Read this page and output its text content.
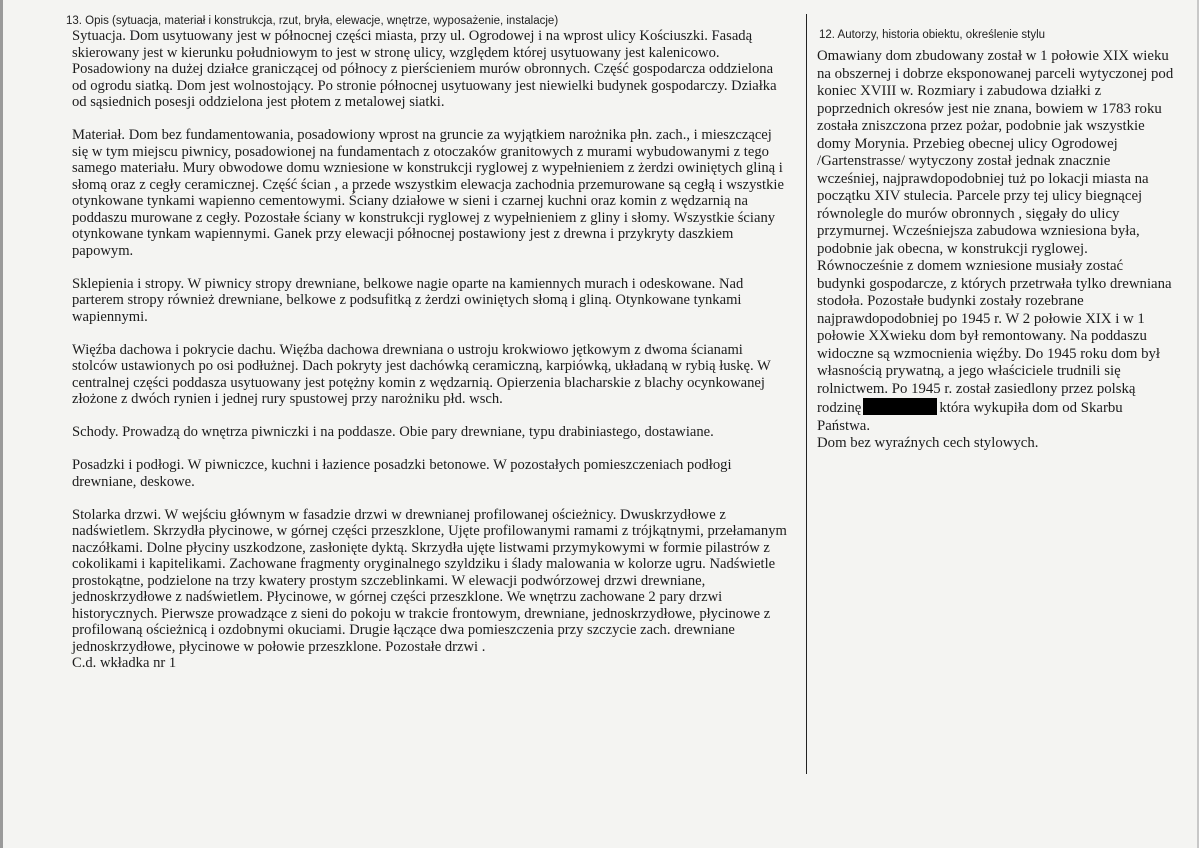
13. Opis (sytuacja, materiał i konstrukcja, rzut, bryła, elewacje, wnętrze, wyposażenie, instalacje)

Sytuacja. Dom usytuowany jest w północnej części miasta, przy ul. Ogrodowej i na wprost ulicy Kościuszki. Fasadą skierowany jest w kierunku południowym to jest w stronę ulicy, względem której usytuowany jest kalenicowo. Posadowiony na dużej działce graniczącej od północy z pierścieniem murów obronnych. Część gospodarcza oddzielona od ogrodu siatką. Dom jest wolnostojący. Po stronie północnej usytuowany jest niewielki budynek gospodarczy. Działka od sąsiednich posesji oddzielona jest płotem z metalowej siatki.

Materiał. Dom bez fundamentowania, posadowiony wprost na gruncie za wyjątkiem narożnika płn. zach., i mieszczącej się w tym miejscu piwnicy, posadowionej na fundamentach z otoczaków granitowych z murami wybudowanymi z tego samego materiału. Mury obwodowe domu wzniesione w konstrukcji ryglowej z wypełnieniem z żerdzi owiniętych gliną i słomą oraz z cegły ceramicznej. Część ścian , a przede wszystkim elewacja zachodnia przemurowane są cegłą i wszystkie otynkowane tynkami wapienno cementowymi. Ściany działowe w sieni i czarnej kuchni oraz komin z wędzarnią na poddaszu murowane z cegły. Pozostałe ściany w konstrukcji ryglowej z wypełnieniem z gliny i słomy. Wszystkie ściany otynkowane tynkam wapiennymi. Ganek przy elewacji północnej postawiony jest z drewna i przykryty daszkiem papowym.

Sklepienia i stropy. W piwnicy stropy drewniane, belkowe nagie oparte na kamiennych murach i odeskowane. Nad parterem stropy również drewniane, belkowe z podsufitką z żerdzi owiniętych słomą i gliną. Otynkowane tynkami wapiennymi.

Więźba dachowa i pokrycie dachu. Więźba dachowa drewniana o ustroju krokwiowo jętkowym z dwoma ścianami stolców ustawionych po osi podłużnej. Dach pokryty jest dachówką ceramiczną, karpiówką, układaną w rybią łuskę. W centralnej części poddasza usytuowany jest potężny komin z wędzarnią. Opierzenia blacharskie z blachy ocynkowanej złożone z dwóch rynien i jednej rury spustowej przy narożniku płd. wsch.

Schody. Prowadzą do wnętrza piwniczki i na poddasze. Obie pary drewniane, typu drabiniastego, dostawiane.

Posadzki i podłogi. W piwniczce, kuchni i łazience posadzki betonowe. W pozostałych pomieszczeniach podłogi drewniane, deskowe.

Stolarka drzwi. W wejściu głównym w fasadzie drzwi w drewnianej profilowanej ościeżnicy. Dwuskrzydłowe z nadświetlem. Skrzydła płycinowe, w górnej części przeszklone, Ujęte profilowanymi ramami z trójkątnymi, przełamanym naczółkami. Dolne płyciny uszkodzone, zasłonięte dyktą. Skrzydła ujęte listwami przymykowymi w formie pilastrów z cokolikami i kapitelikami. Zachowane fragmenty oryginalnego szyldziku i ślady malowania w kolorze ugru. Nadświetle prostokątne, podzielone na trzy kwatery prostym szczeblinkami. W elewacji podwórzowej drzwi drewniane, jednoskrzydłowe z nadświetlem. Płycinowe, w górnej części przeszklone. We wnętrzu zachowane 2 pary drzwi historycznych. Pierwsze prowadzące z sieni do pokoju w trakcie frontowym, drewniane, jednoskrzydłowe, płycinowe z profilowaną ościeżnicą i ozdobnymi okuciami. Drugie łączące dwa pomieszczenia przy szczycie zach. drewniane jednoskrzydłowe, płycinowe w połowie przeszklone. Pozostałe drzwi .

C.d. wkładka nr 1

12. Autorzy, historia obiektu, określenie stylu
Omawiany dom zbudowany został w 1 połowie XIX wieku na obszernej i dobrze eksponowanej parceli wytyczonej pod koniec XVIII w. Rozmiary i zabudowa działki z poprzednich okresów jest nie znana, bowiem w 1783 roku została zniszczona przez pożar, podobnie jak wszystkie domy Morynia. Przebieg obecnej ulicy Ogrodowej /Gartenstrasse/ wytyczony został jednak znacznie wcześniej, najprawdopodobniej tuż po lokacji miasta na początku XIV stulecia. Parcele przy tej ulicy biegnącej równolegle do murów obronnych , sięgały do ulicy przymurnej. Wcześniejsza zabudowa wzniesiona była, podobnie jak obecna, w konstrukcji ryglowej. Równocześnie z domem wzniesione musiały zostać budynki gospodarcze, z których przetrwała tylko drewniana stodoła. Pozostałe budynki zostały rozebrane najprawdopodobniej po 1945 r. W 2 połowie XIX i w 1 połowie XXwieku dom był remontowany. Na poddaszu widoczne są wzmocnienia więźby. Do 1945 roku dom był własnością prywatną, a jego właściciele trudnili się rolnictwem. Po 1945 r. został zasiedlony przez polską rodzinę	która wykupiła dom od Skarbu Państwa.
Dom bez wyraźnych cech stylowych.
